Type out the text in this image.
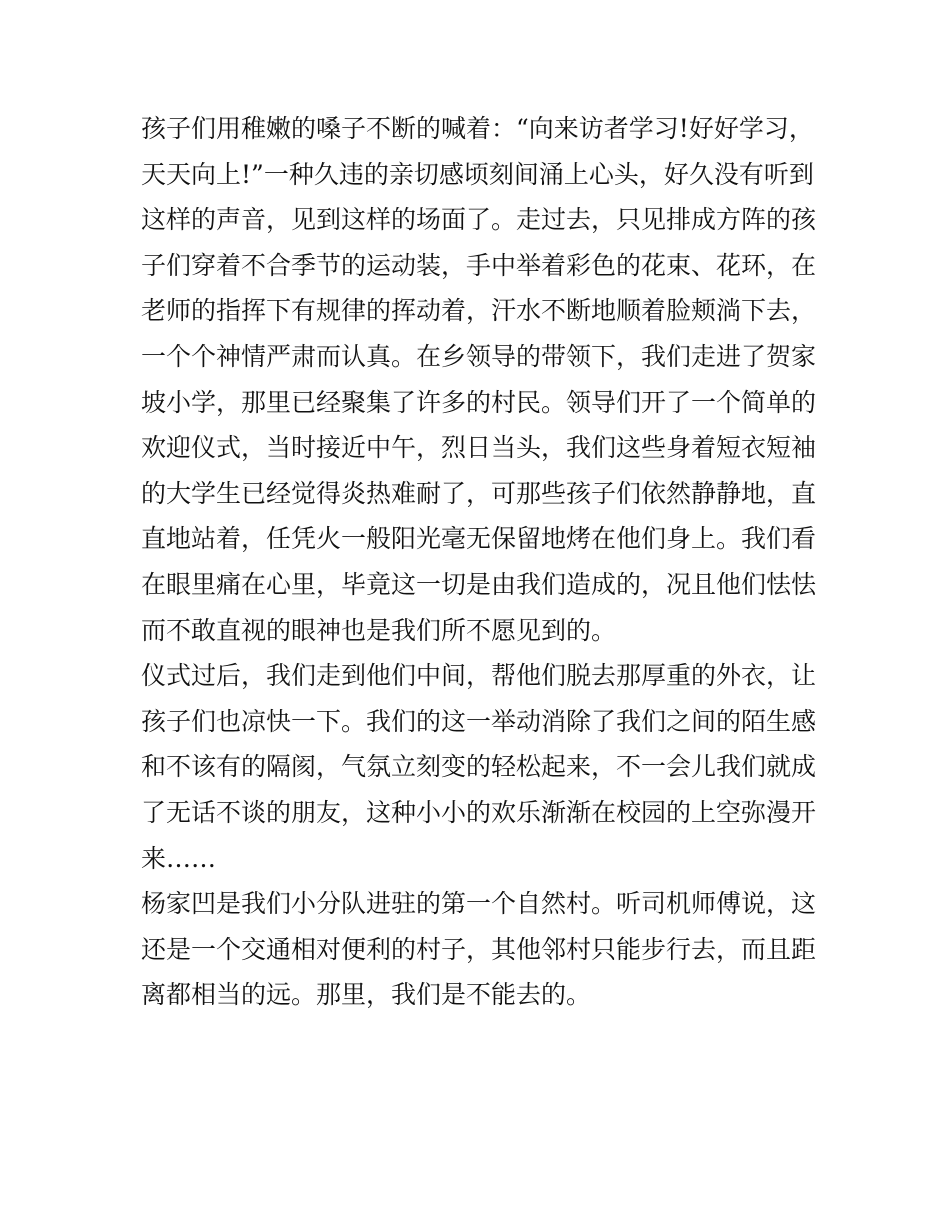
孩子们用稚嫩的嗓子不断的喊着：“向来访者学习!好好学习，
天天向上!”一种久违的亲切感顷刻间涌上心头，好久没有听到
这样的声音，见到这样的场面了。走过去，只见排成方阵的孩
子们穿着不合季节的运动装，手中举着彩色的花束、花环，在
老师的指挥下有规律的挥动着，汗水不断地顺着脸颊淌下去，
一个个神情严肃而认真。在乡领导的带领下，我们走进了贺家
坡小学，那里已经聚集了许多的村民。领导们开了一个简单的
欢迎仪式，当时接近中午，烈日当头，我们这些身着短衣短袖
的大学生已经觉得炎热难耐了，可那些孩子们依然静静地，直
直地站着，任凭火一般阳光毫无保留地烤在他们身上。我们看
在眼里痛在心里，毕竟这一切是由我们造成的，况且他们怯怯
而不敢直视的眼神也是我们所不愿见到的。
仪式过后，我们走到他们中间，帮他们脱去那厚重的外衣，让
孩子们也凉快一下。我们的这一举动消除了我们之间的陌生感
和不该有的隔阂，气氛立刻变的轻松起来，不一会儿我们就成
了无话不谈的朋友，这种小小的欢乐渐渐在校园的上空弥漫开
来……
杨家凹是我们小分队进驻的第一个自然村。听司机师傅说，这
还是一个交通相对便利的村子，其他邻村只能步行去，而且距
离都相当的远。那里，我们是不能去的。
